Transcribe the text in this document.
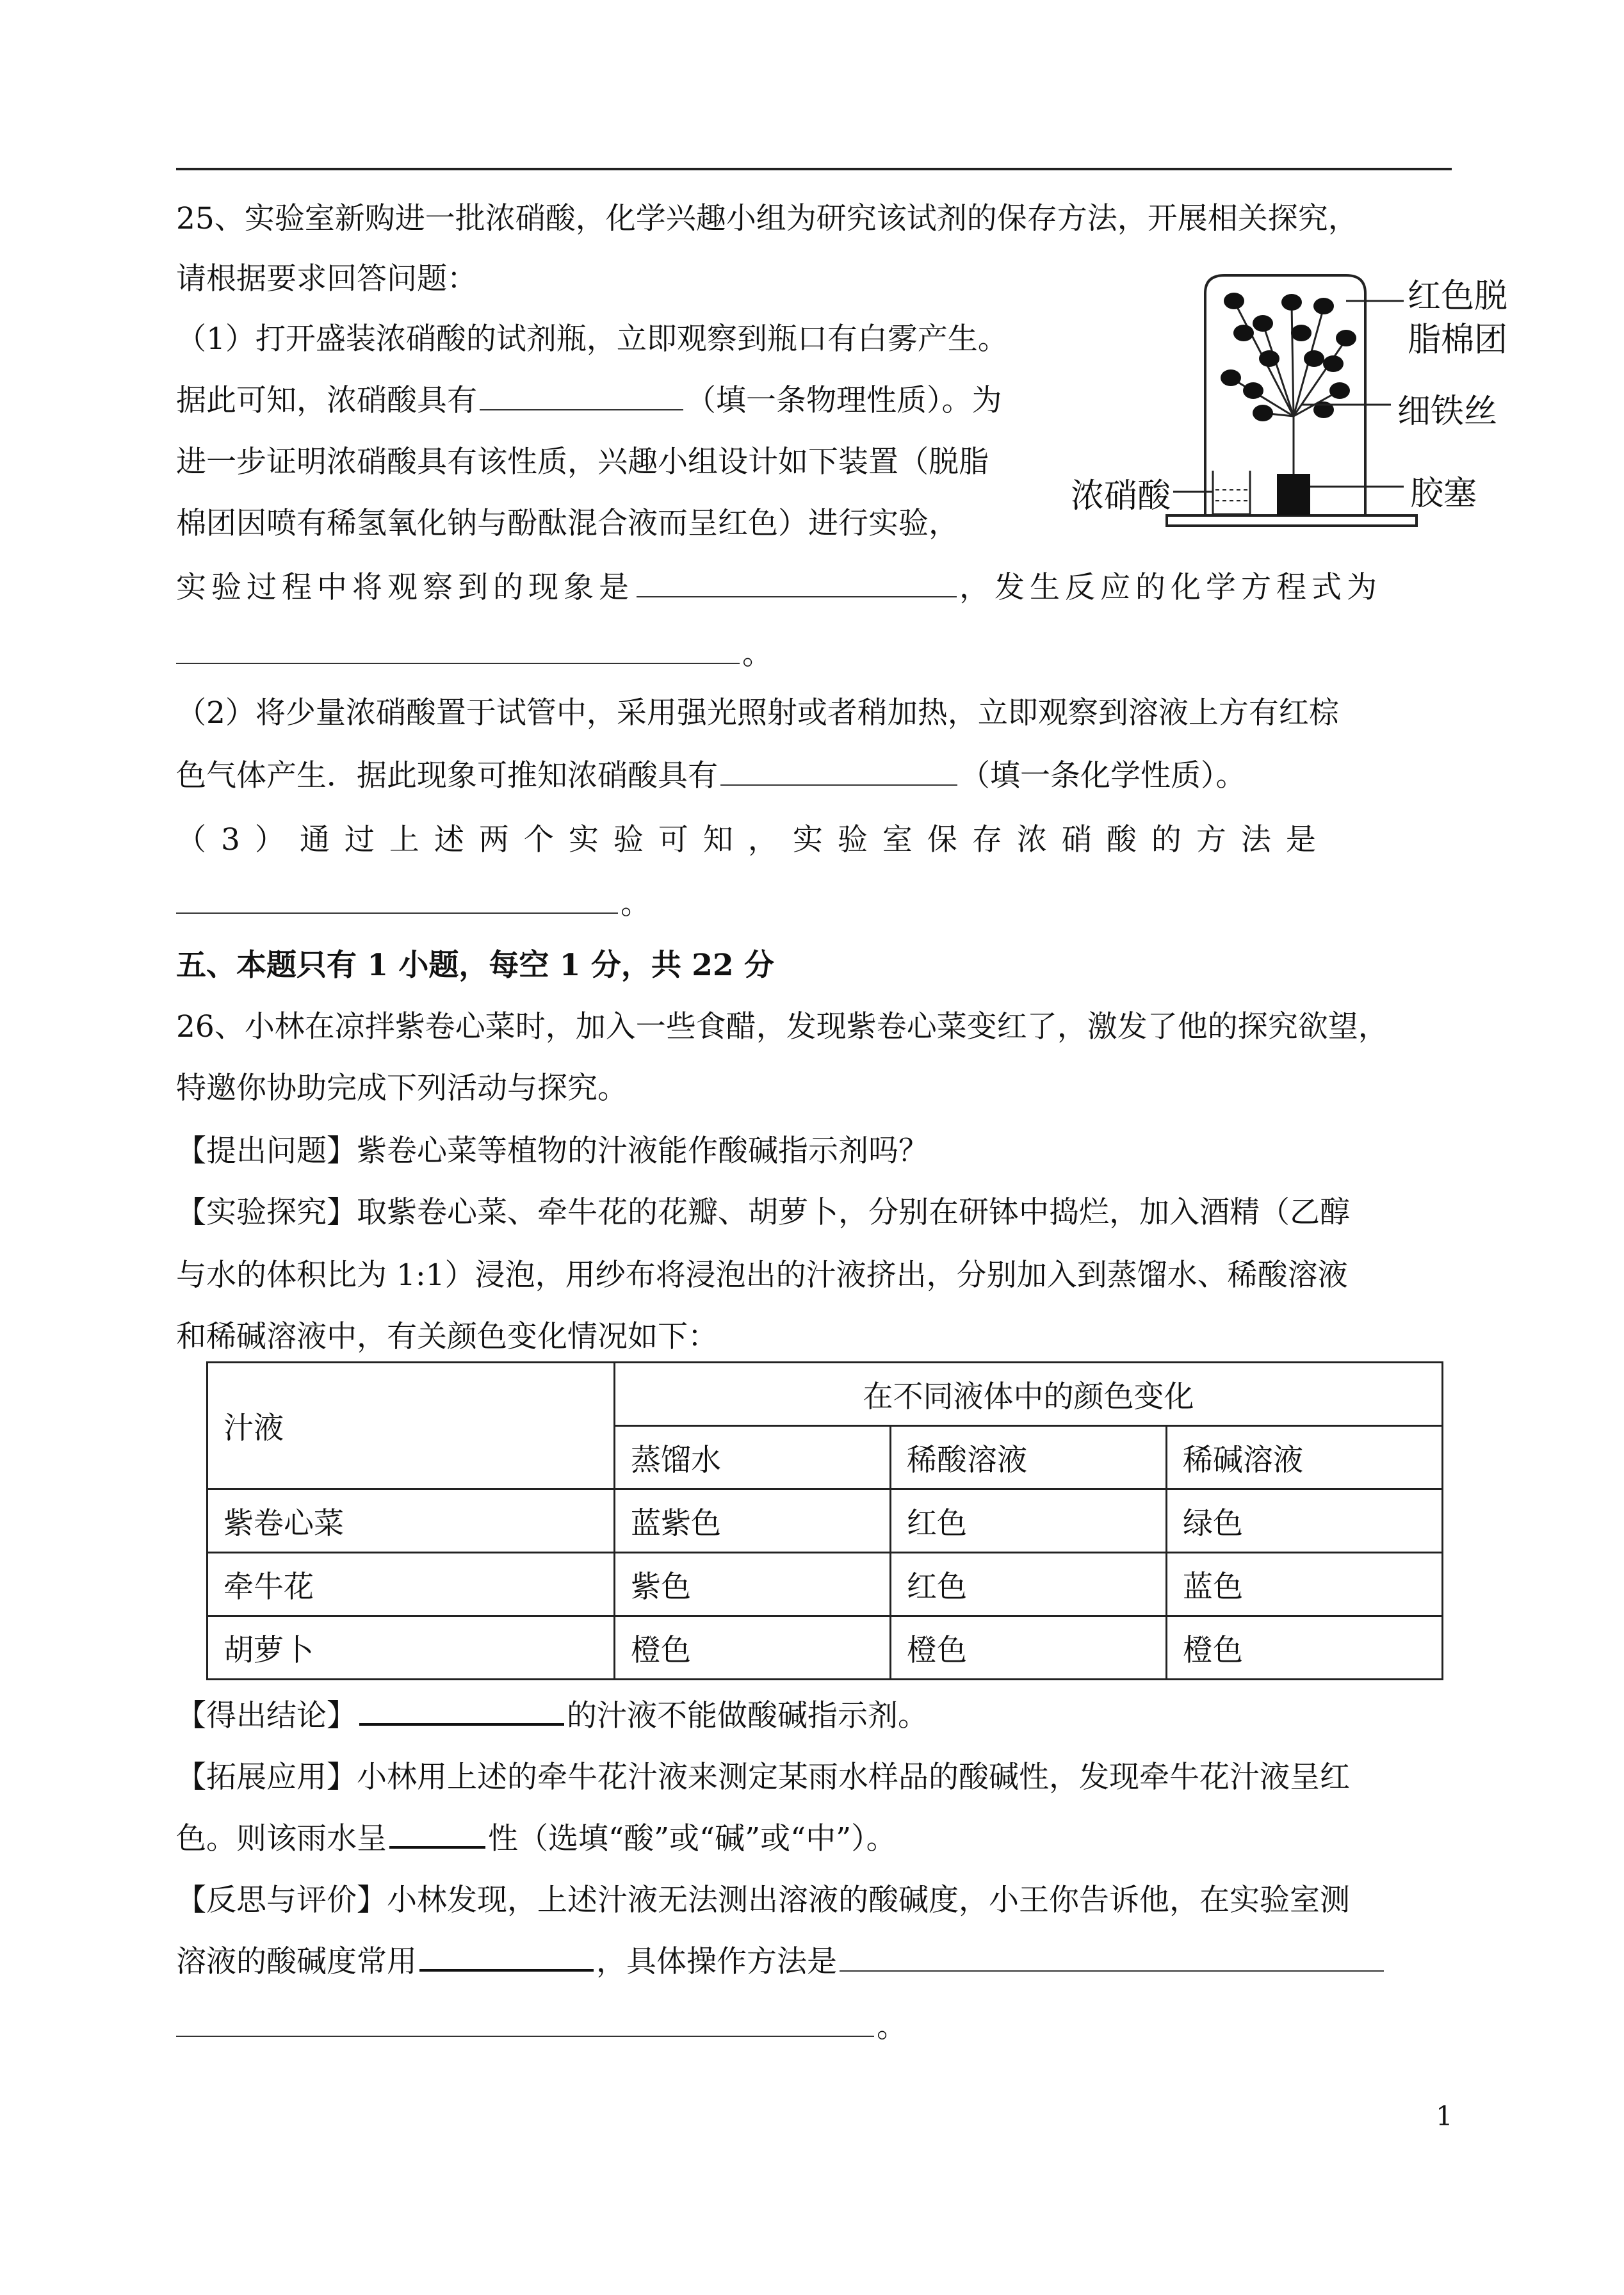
25、实验室新购进一批浓硝酸，化学兴趣小组为研究该试剂的保存方法，开展相关探究，
请根据要求回答问题：
（1）打开盛装浓硝酸的试剂瓶，立即观察到瓶口有白雾产生。
据此可知，浓硝酸具有	（填一条物理性质）。为
进一步证明浓硝酸具有该性质，兴趣小组设计如下装置（脱脂
棉团因喷有稀氢氧化钠与酚酞混合液而呈红色）进行实验，
实验过程中将观察到的现象是	，发生反应的化学方程式为
。
（2）将少量浓硝酸置于试管中，采用强光照射或者稍加热，立即观察到溶液上方有红棕
色气体产生．据此现象可推知浓硝酸具有	（填一条化学性质）。
（3）通过上述两个实验可知，实验室保存浓硝酸的方法是
。
红色脱
脂棉团
细铁丝
胶塞
浓硝酸
五、本题只有 1 小题，每空 1 分，共 22 分
26、小林在凉拌紫卷心菜时，加入一些食醋，发现紫卷心菜变红了，激发了他的探究欲望，
特邀你协助完成下列活动与探究。
【提出问题】紫卷心菜等植物的汁液能作酸碱指示剂吗？
【实验探究】取紫卷心菜、牵牛花的花瓣、胡萝卜，分别在研钵中捣烂，加入酒精（乙醇
与水的体积比为 1:1）浸泡，用纱布将浸泡出的汁液挤出，分别加入到蒸馏水、稀酸溶液
和稀碱溶液中，有关颜色变化情况如下：
汁液	在不同液体中的颜色变化		
	蒸馏水	稀酸溶液	稀碱溶液
紫卷心菜	蓝紫色	红色	绿色
牵牛花	紫色	红色	蓝色
胡萝卜	橙色	橙色	橙色
【得出结论】	的汁液不能做酸碱指示剂。
【拓展应用】小林用上述的牵牛花汁液来测定某雨水样品的酸碱性，发现牵牛花汁液呈红
色。则该雨水呈	性（选填“酸”或“碱”或“中”）。
【反思与评价】小林发现，上述汁液无法测出溶液的酸碱度，小王你告诉他，在实验室测
溶液的酸碱度常用	，具体操作方法是
。
1
